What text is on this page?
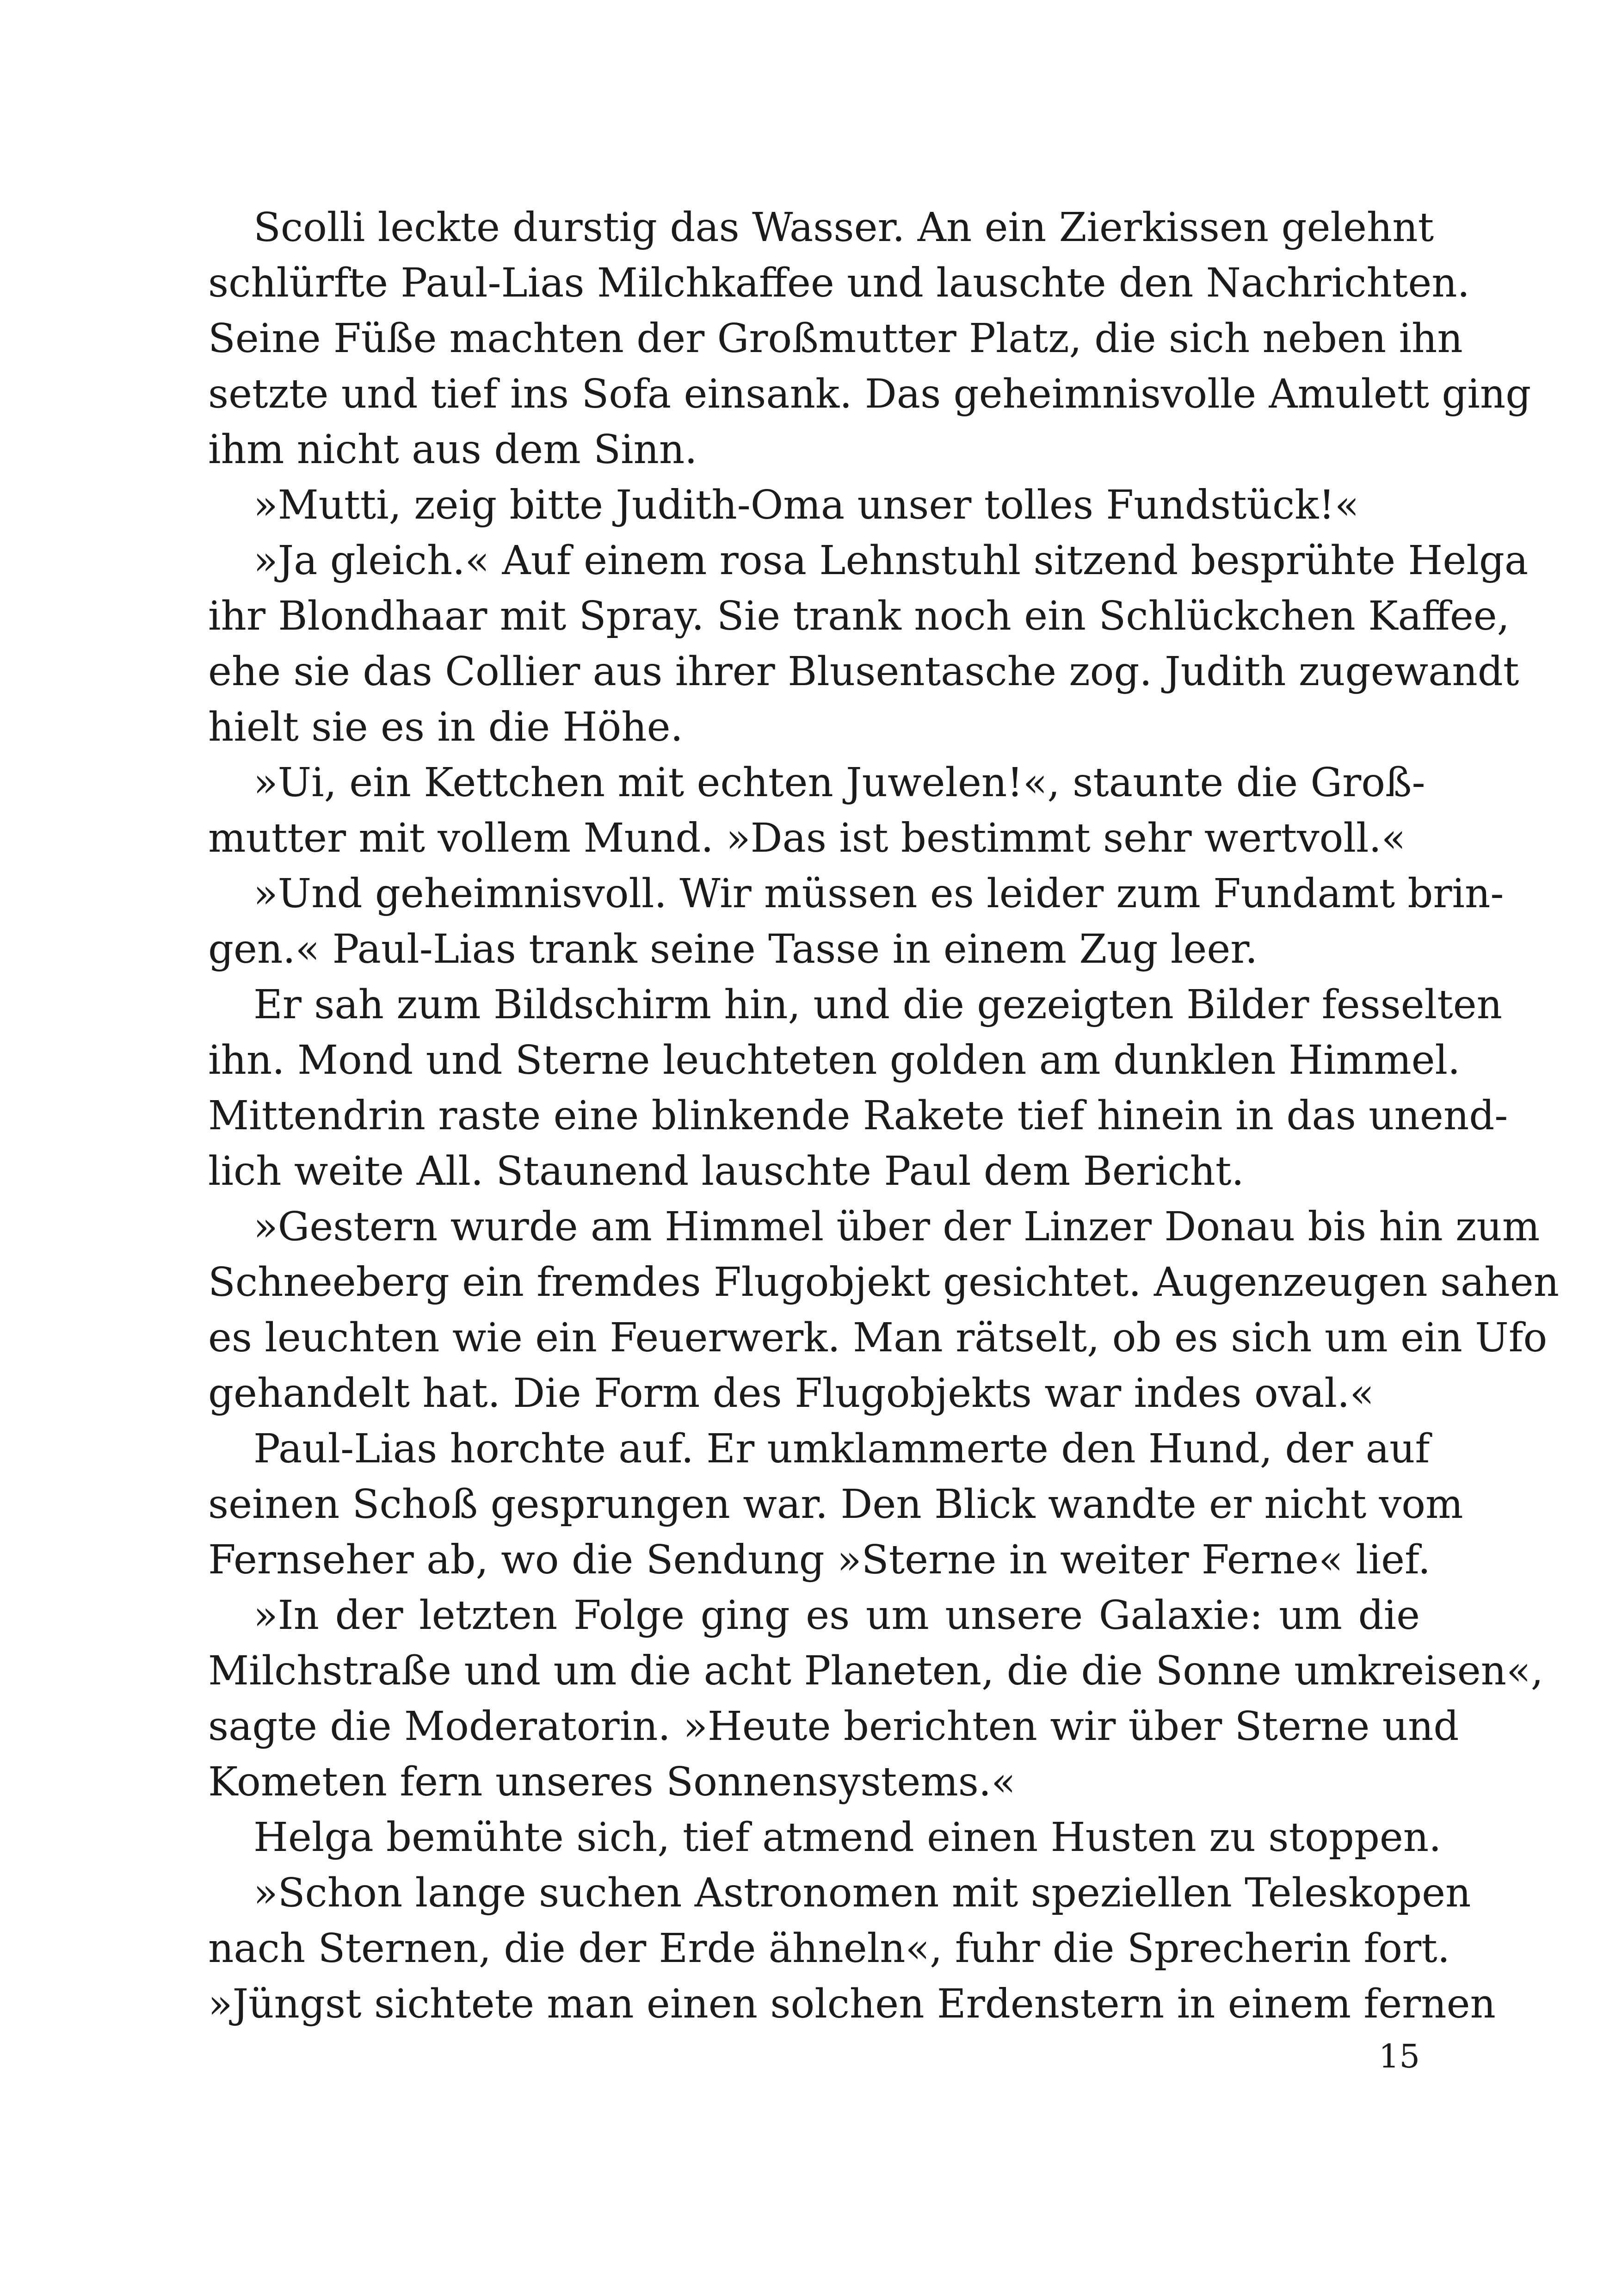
Scolli leckte durstig das Wasser. An ein Zierkissen gelehnt
schlürfte Paul-Lias Milchkaffee und lauschte den Nachrichten.
Seine Füße machten der Großmutter Platz, die sich neben ihn
setzte und tief ins Sofa einsank. Das geheimnisvolle Amulett ging
ihm nicht aus dem Sinn.
»Mutti, zeig bitte Judith-Oma unser tolles Fundstück!«
»Ja gleich.« Auf einem rosa Lehnstuhl sitzend besprühte Helga
ihr Blondhaar mit Spray. Sie trank noch ein Schlückchen Kaffee,
ehe sie das Collier aus ihrer Blusentasche zog. Judith zugewandt
hielt sie es in die Höhe.
»Ui, ein Kettchen mit echten Juwelen!«, staunte die Groß-
mutter mit vollem Mund. »Das ist bestimmt sehr wertvoll.«
»Und geheimnisvoll. Wir müssen es leider zum Fundamt brin-
gen.« Paul-Lias trank seine Tasse in einem Zug leer.
Er sah zum Bildschirm hin, und die gezeigten Bilder fesselten
ihn. Mond und Sterne leuchteten golden am dunklen Himmel.
Mittendrin raste eine blinkende Rakete tief hinein in das unend-
lich weite All. Staunend lauschte Paul dem Bericht.
»Gestern wurde am Himmel über der Linzer Donau bis hin zum
Schneeberg ein fremdes Flugobjekt gesichtet. Augenzeugen sahen
es leuchten wie ein Feuerwerk. Man rätselt, ob es sich um ein Ufo
gehandelt hat. Die Form des Flugobjekts war indes oval.«
Paul-Lias horchte auf. Er umklammerte den Hund, der auf
seinen Schoß gesprungen war. Den Blick wandte er nicht vom
Fernseher ab, wo die Sendung »Sterne in weiter Ferne« lief.
»In der letzten Folge ging es um unsere Galaxie: um die
Milchstraße und um die acht Planeten, die die Sonne umkreisen«,
sagte die Moderatorin. »Heute berichten wir über Sterne und
Kometen fern unseres Sonnensystems.«
Helga bemühte sich, tief atmend einen Husten zu stoppen.
»Schon lange suchen Astronomen mit speziellen Teleskopen
nach Sternen, die der Erde ähneln«, fuhr die Sprecherin fort.
»Jüngst sichtete man einen solchen Erdenstern in einem fernen
15
